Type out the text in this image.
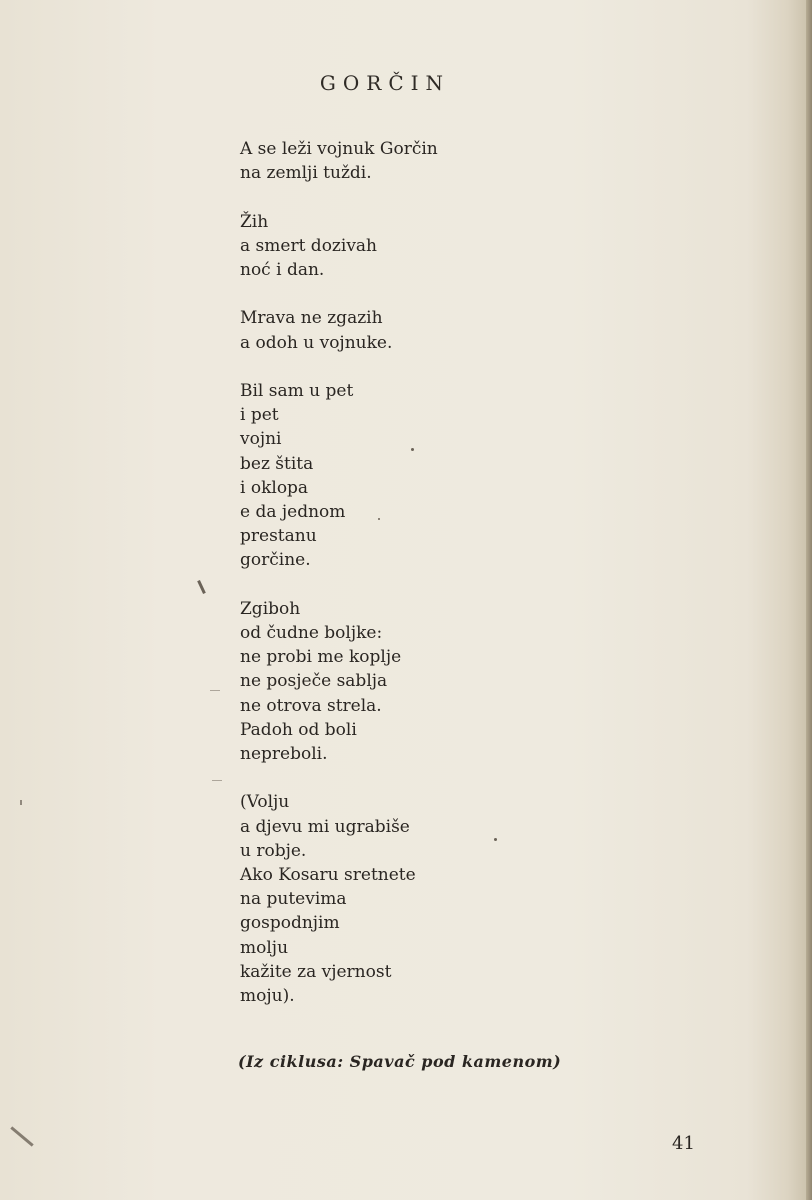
GORČIN
A se leži vojnuk Gorčin
na zemlji tuždi.
Žih
a smert dozivah
noć i dan.
Mrava ne zgazih
a odoh u vojnuke.
Bil sam u pet
i pet
vojni
bez štita
i oklopa
e da jednom
prestanu
gorčine.
Zgiboh
od čudne boljke:
ne probi me koplje
ne posječe sablja
ne otrova strela.
Padoh od boli
nepreboli.
(Volju
a djevu mi ugrabiše
u robje.
Ako Kosaru sretnete
na putevima
gospodnjim
molju
kažite za vjernost
moju).
(Iz ciklusa: Spavač pod kamenom)
41
